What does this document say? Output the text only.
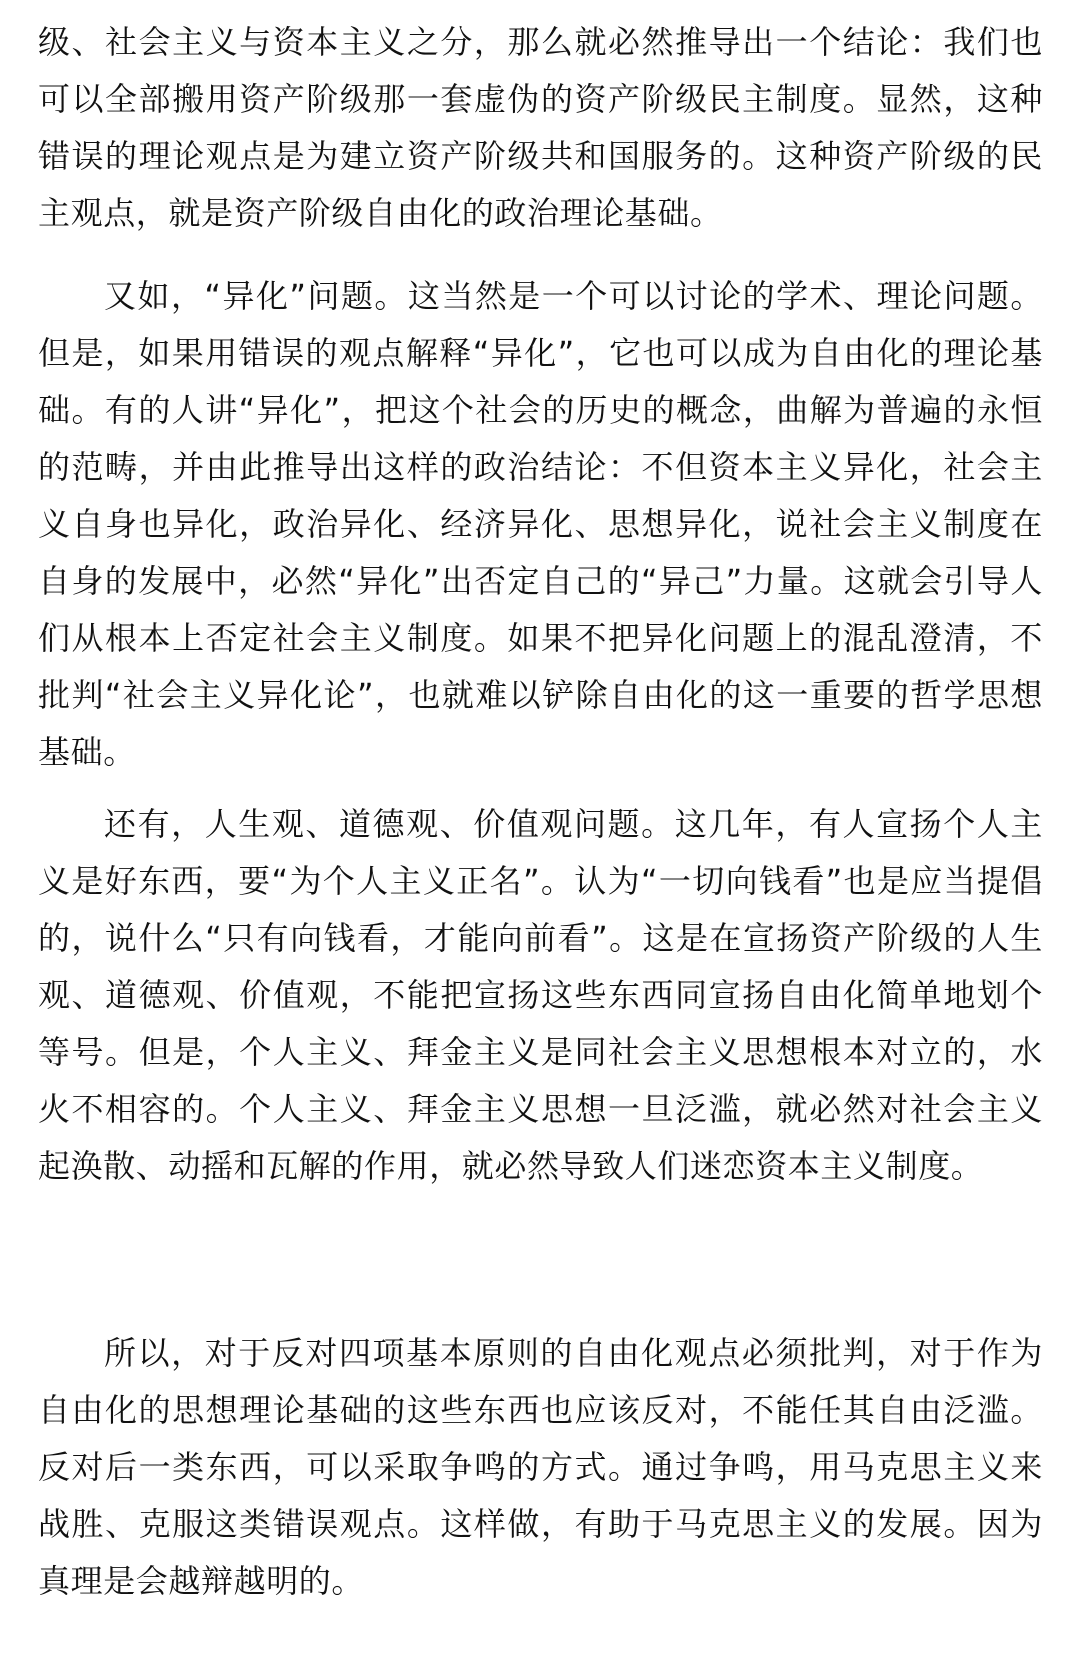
级、社会主义与资本主义之分，那么就必然推导出一个结论：我们也可以全部搬用资产阶级那一套虚伪的资产阶级民主制度。显然，这种错误的理论观点是为建立资产阶级共和国服务的。这种资产阶级的民主观点，就是资产阶级自由化的政治理论基础。

又如，“异化”问题。这当然是一个可以讨论的学术、理论问题。但是，如果用错误的观点解释“异化”，它也可以成为自由化的理论基础。有的人讲“异化”，把这个社会的历史的概念，曲解为普遍的永恒的范畴，并由此推导出这样的政治结论：不但资本主义异化，社会主义自身也异化，政治异化、经济异化、思想异化，说社会主义制度在自身的发展中，必然“异化”出否定自己的“异己”力量。这就会引导人们从根本上否定社会主义制度。如果不把异化问题上的混乱澄清，不批判“社会主义异化论”，也就难以铲除自由化的这一重要的哲学思想基础。

还有，人生观、道德观、价值观问题。这几年，有人宣扬个人主义是好东西，要“为个人主义正名”。认为“一切向钱看”也是应当提倡的，说什么“只有向钱看，才能向前看”。这是在宣扬资产阶级的人生观、道德观、价值观，不能把宣扬这些东西同宣扬自由化简单地划个等号。但是，个人主义、拜金主义是同社会主义思想根本对立的，水火不相容的。个人主义、拜金主义思想一旦泛滥，就必然对社会主义起涣散、动摇和瓦解的作用，就必然导致人们迷恋资本主义制度。

所以，对于反对四项基本原则的自由化观点必须批判，对于作为自由化的思想理论基础的这些东西也应该反对，不能任其自由泛滥。反对后一类东西，可以采取争鸣的方式。通过争鸣，用马克思主义来战胜、克服这类错误观点。这样做，有助于马克思主义的发展。因为真理是会越辩越明的。
